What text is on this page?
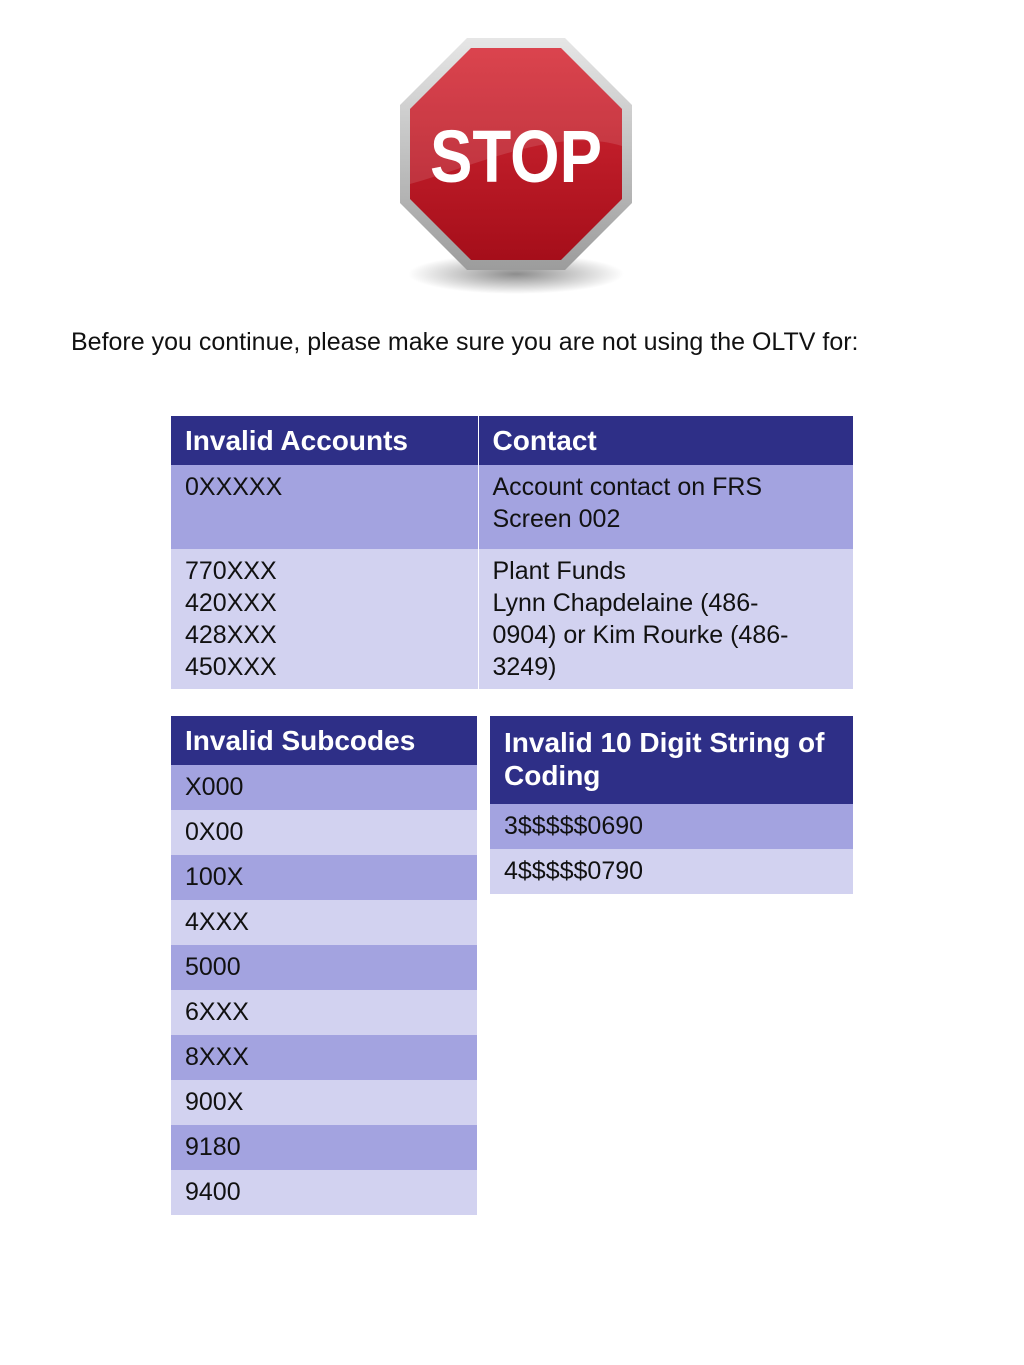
STOP
Before you continue, please make sure you are not using the OLTV for:
Invalid Accounts	Contact

0XXXXX	Account contact on FRS
Screen 002

770XXX
420XXX
428XXX
450XXX	Plant Funds
Lynn Chapdelaine (486-
0904) or Kim Rourke (486-
3249)
Invalid Subcodes
X000
0X00
100X
4XXX
5000
6XXX
8XXX
900X
9180
9400
Invalid 10 Digit String of Coding
3$$$$$0690
4$$$$$0790
